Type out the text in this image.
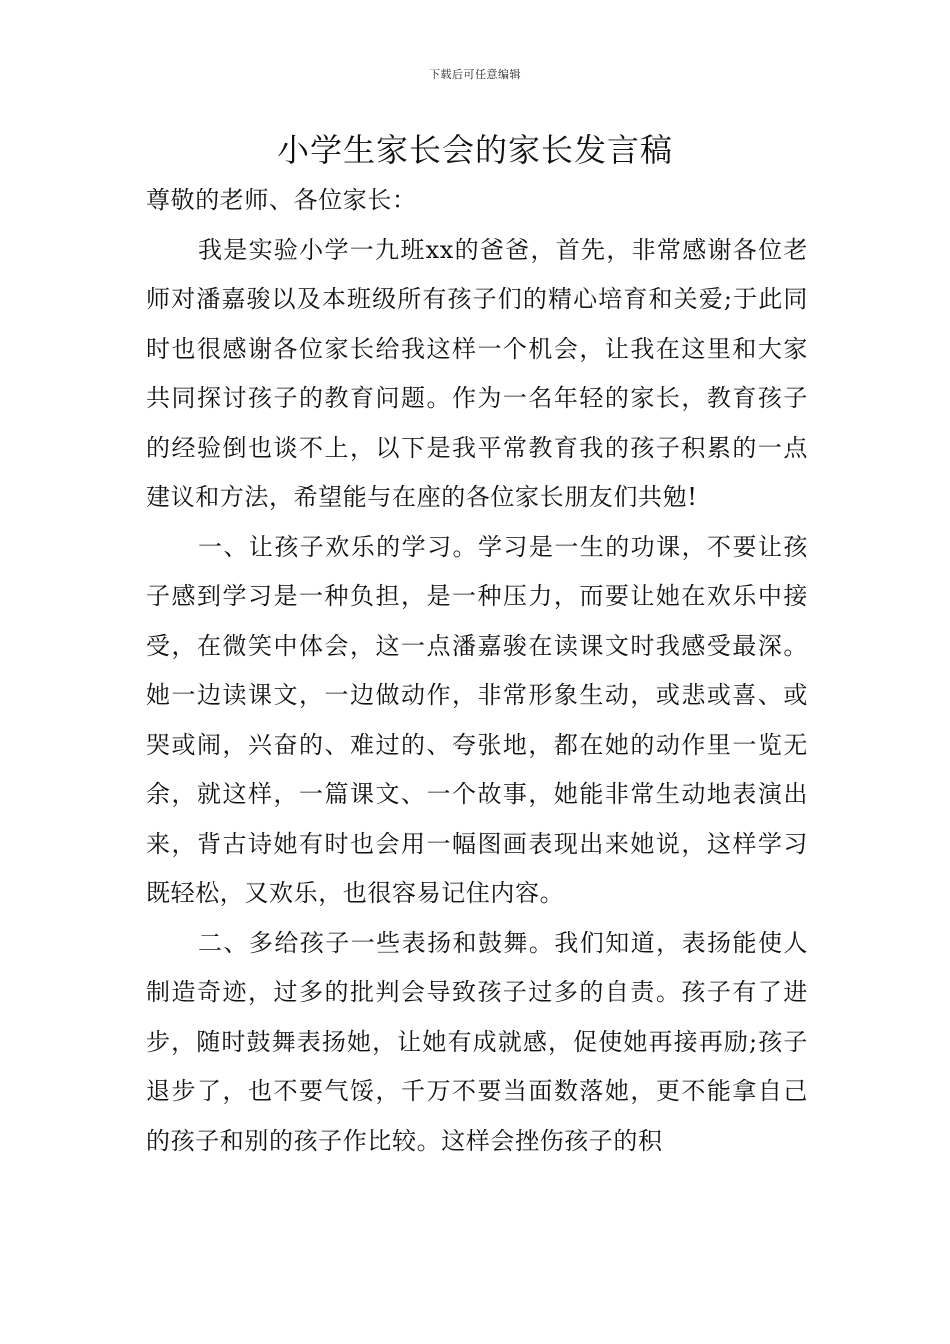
下载后可任意编辑
小学生家长会的家长发言稿

尊敬的老师、各位家长：

我是实验小学一九班xx的爸爸，首先，非常感谢各位老师对潘嘉骏以及本班级所有孩子们的精心培育和关爱;于此同时也很感谢各位家长给我这样一个机会，让我在这里和大家共同探讨孩子的教育问题。作为一名年轻的家长，教育孩子的经验倒也谈不上，以下是我平常教育我的孩子积累的一点建议和方法，希望能与在座的各位家长朋友们共勉!

一、让孩子欢乐的学习。学习是一生的功课，不要让孩子感到学习是一种负担，是一种压力，而要让她在欢乐中接受，在微笑中体会，这一点潘嘉骏在读课文时我感受最深。她一边读课文，一边做动作，非常形象生动，或悲或喜、或哭或闹，兴奋的、难过的、夸张地，都在她的动作里一览无余，就这样，一篇课文、一个故事，她能非常生动地表演出来，背古诗她有时也会用一幅图画表现出来她说，这样学习既轻松，又欢乐，也很容易记住内容。

二、多给孩子一些表扬和鼓舞。我们知道，表扬能使人制造奇迹，过多的批判会导致孩子过多的自责。孩子有了进步，随时鼓舞表扬她，让她有成就感，促使她再接再励;孩子退步了，也不要气馁，千万不要当面数落她，更不能拿自己的孩子和别的孩子作比较。这样会挫伤孩子的积
